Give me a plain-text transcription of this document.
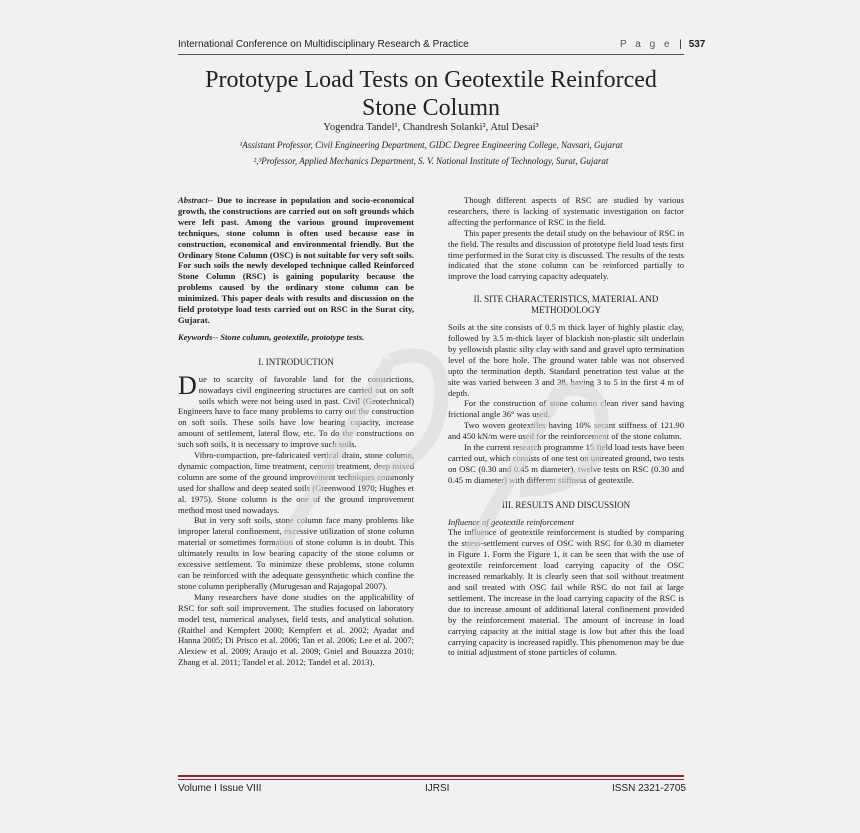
International Conference on Multidisciplinary Research & Practice	P a g e | 537
Prototype Load Tests on Geotextile Reinforced
Stone Column
Yogendra Tandel¹, Chandresh Solanki², Atul Desai³
¹Assistant Professor, Civil Engineering Department, GIDC Degree Engineering College, Navsari, Gujarat
²,³Professor, Applied Mechanics Department, S. V. National Institute of Technology, Surat, Gujarat

Abstract-- Due to increase in population and socio-economical growth, the constructions are carried out on soft grounds which were left past. Among the various ground improvement techniques, stone column is often used because ease in construction, economical and environmental friendly. But the Ordinary Stone Column (OSC) is not suitable for very soft soils. For such soils the newly developed technique called Reinforced Stone Column (RSC) is gaining popularity because the problems caused by the ordinary stone column can be minimized. This paper deals with results and discussion on the field prototype load tests carried out on RSC in the Surat city, Gujarat.

Keywords-- Stone column, geotextile, prototype tests.

I. INTRODUCTION

Due to scarcity of favorable land for the constrictions, nowadays civil engineering structures are carried out on soft soils which were not being used in past. Civil (Geotechnical) Engineers have to face many problems to carry out the construction on soft soils. These soils have low bearing capacity, increase amount of settlement, lateral flow, etc. To do the constructions on such soft soils, it is necessary to improve such soils.

Vibro-compaction, pre-fabricated vertical drain, stone column, dynamic compaction, lime treatment, cement treatment, deep mixed column are some of the ground improvement techniques commonly used for shallow and deep seated soils (Greenwood 1970; Hughes et al. 1975). Stone column is the one of the ground improvement method most used nowadays.

But in very soft soils, stone column face many problems like improper lateral confinement, excessive utilization of stone column material or sometimes formation of stone column is in doubt. This ultimately results in low bearing capacity of the stone column or excessive settlement. To minimize these problems, stone column can be reinforced with the adequate geosynthetic which confine the stone column peripherally (Murugesan and Rajagopal 2007).

Many researchers have done studies on the applicability of RSC for soft soil improvement. The studies focused on laboratory model test, numerical analyses, field tests, and analytical solution. (Raithel and Kempfert 2000; Kempfert et al. 2002; Ayadat and Hanna 2005; Di Prisco et al. 2006; Tan et al. 2006; Lee et al. 2007; Alexiew et al. 2009; Araujo et al. 2009; Gniel and Bouazza 2010; Zhang et al. 2011; Tandel et al. 2012; Tandel et al. 2013).

Though different aspects of RSC are studied by various researchers, there is lacking of systematic investigation on factor affecting the performance of RSC in the field.

This paper presents the detail study on the behaviour of RSC in the field. The results and discussion of prototype field load tests first time performed in the Surat city is discussed. The results of the tests indicated that the stone column can be reinforced partially to improve the load carrying capacity adequately.

II. SITE CHARACTERISTICS, MATERIAL AND
METHODOLOGY

Soils at the site consists of 0.5 m thick layer of highly plastic clay, followed by 3.5 m-thick layer of blackish non-plastic silt underlain by yellowish plastic silty clay with sand and gravel upto termination level of the bore hole. The ground water table was not observed upto the termination depth. Standard penetration test value at the site was varied between 3 and 38, having 3 to 5 in the first 4 m of depth.

For the construction of stone column clean river sand having frictional angle 36° was used.

Two woven geotextiles having 10% secant stiffness of 121.90 and 450 kN/m were used for the reinforcement of the stone column.

In the current research programme 15 field load tests have been carried out, which consists of one test on untreated ground, two tests on OSC (0.30 and 0.45 m diameter), twelve tests on RSC (0.30 and 0.45 m diameter) with different stiffness of geotextile.

III. RESULTS AND DISCUSSION

Influence of geotextile reinforcement

The influence of geotextile reinforcement is studied by comparing the stress-settlement curves of OSC with RSC for 0.30 m diameter in Figure 1. Form the Figure 1, it can be seen that with the use of geotextile reinforcement load carrying capacity of the OSC increased remarkably. It is clearly seen that soil without treatment and soil treated with OSC fail while RSC do not fail at large settlement. The increase in the load carrying capacity of the RSC is due to increase amount of additional lateral confinement provided by the reinforcement material. The amount of increase in load carrying capacity at the initial stage is low but after this the load carrying capacity is increased rapidly. This phenomenon may be due to initial adjustment of stone particles of column.

Volume I Issue VIII	IJRSI	ISSN 2321-2705
